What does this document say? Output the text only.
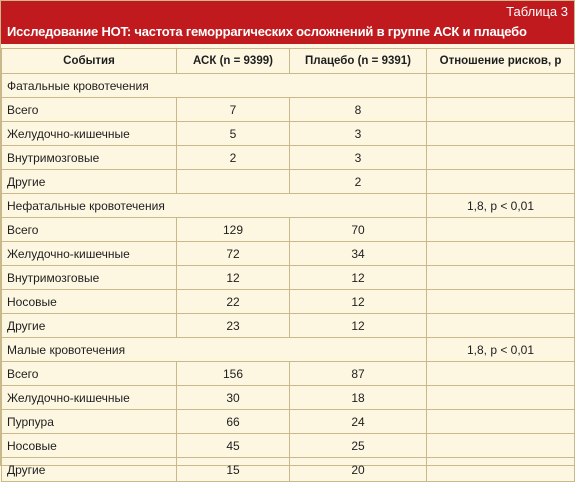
Таблица 3
Исследование HOT: частота геморрагических осложнений в группе АСК и плацебо
События	АСК (n = 9399)	Плацебо (n = 9391)	Отношение рисков, р
Фатальные кровотечения			
Всего	7	8	
Желудочно-кишечные	5	3	
Внутримозговые	2	3	
Другие		2	
Нефатальные кровотечения			1,8, p < 0,01
Всего	129	70	
Желудочно-кишечные	72	34	
Внутримозговые	12	12	
Носовые	22	12	
Другие	23	12	
Малые кровотечения			1,8, p < 0,01
Всего	156	87	
Желудочно-кишечные	30	18	
Пурпура	66	24	
Носовые	45	25	
Другие	15	20	
